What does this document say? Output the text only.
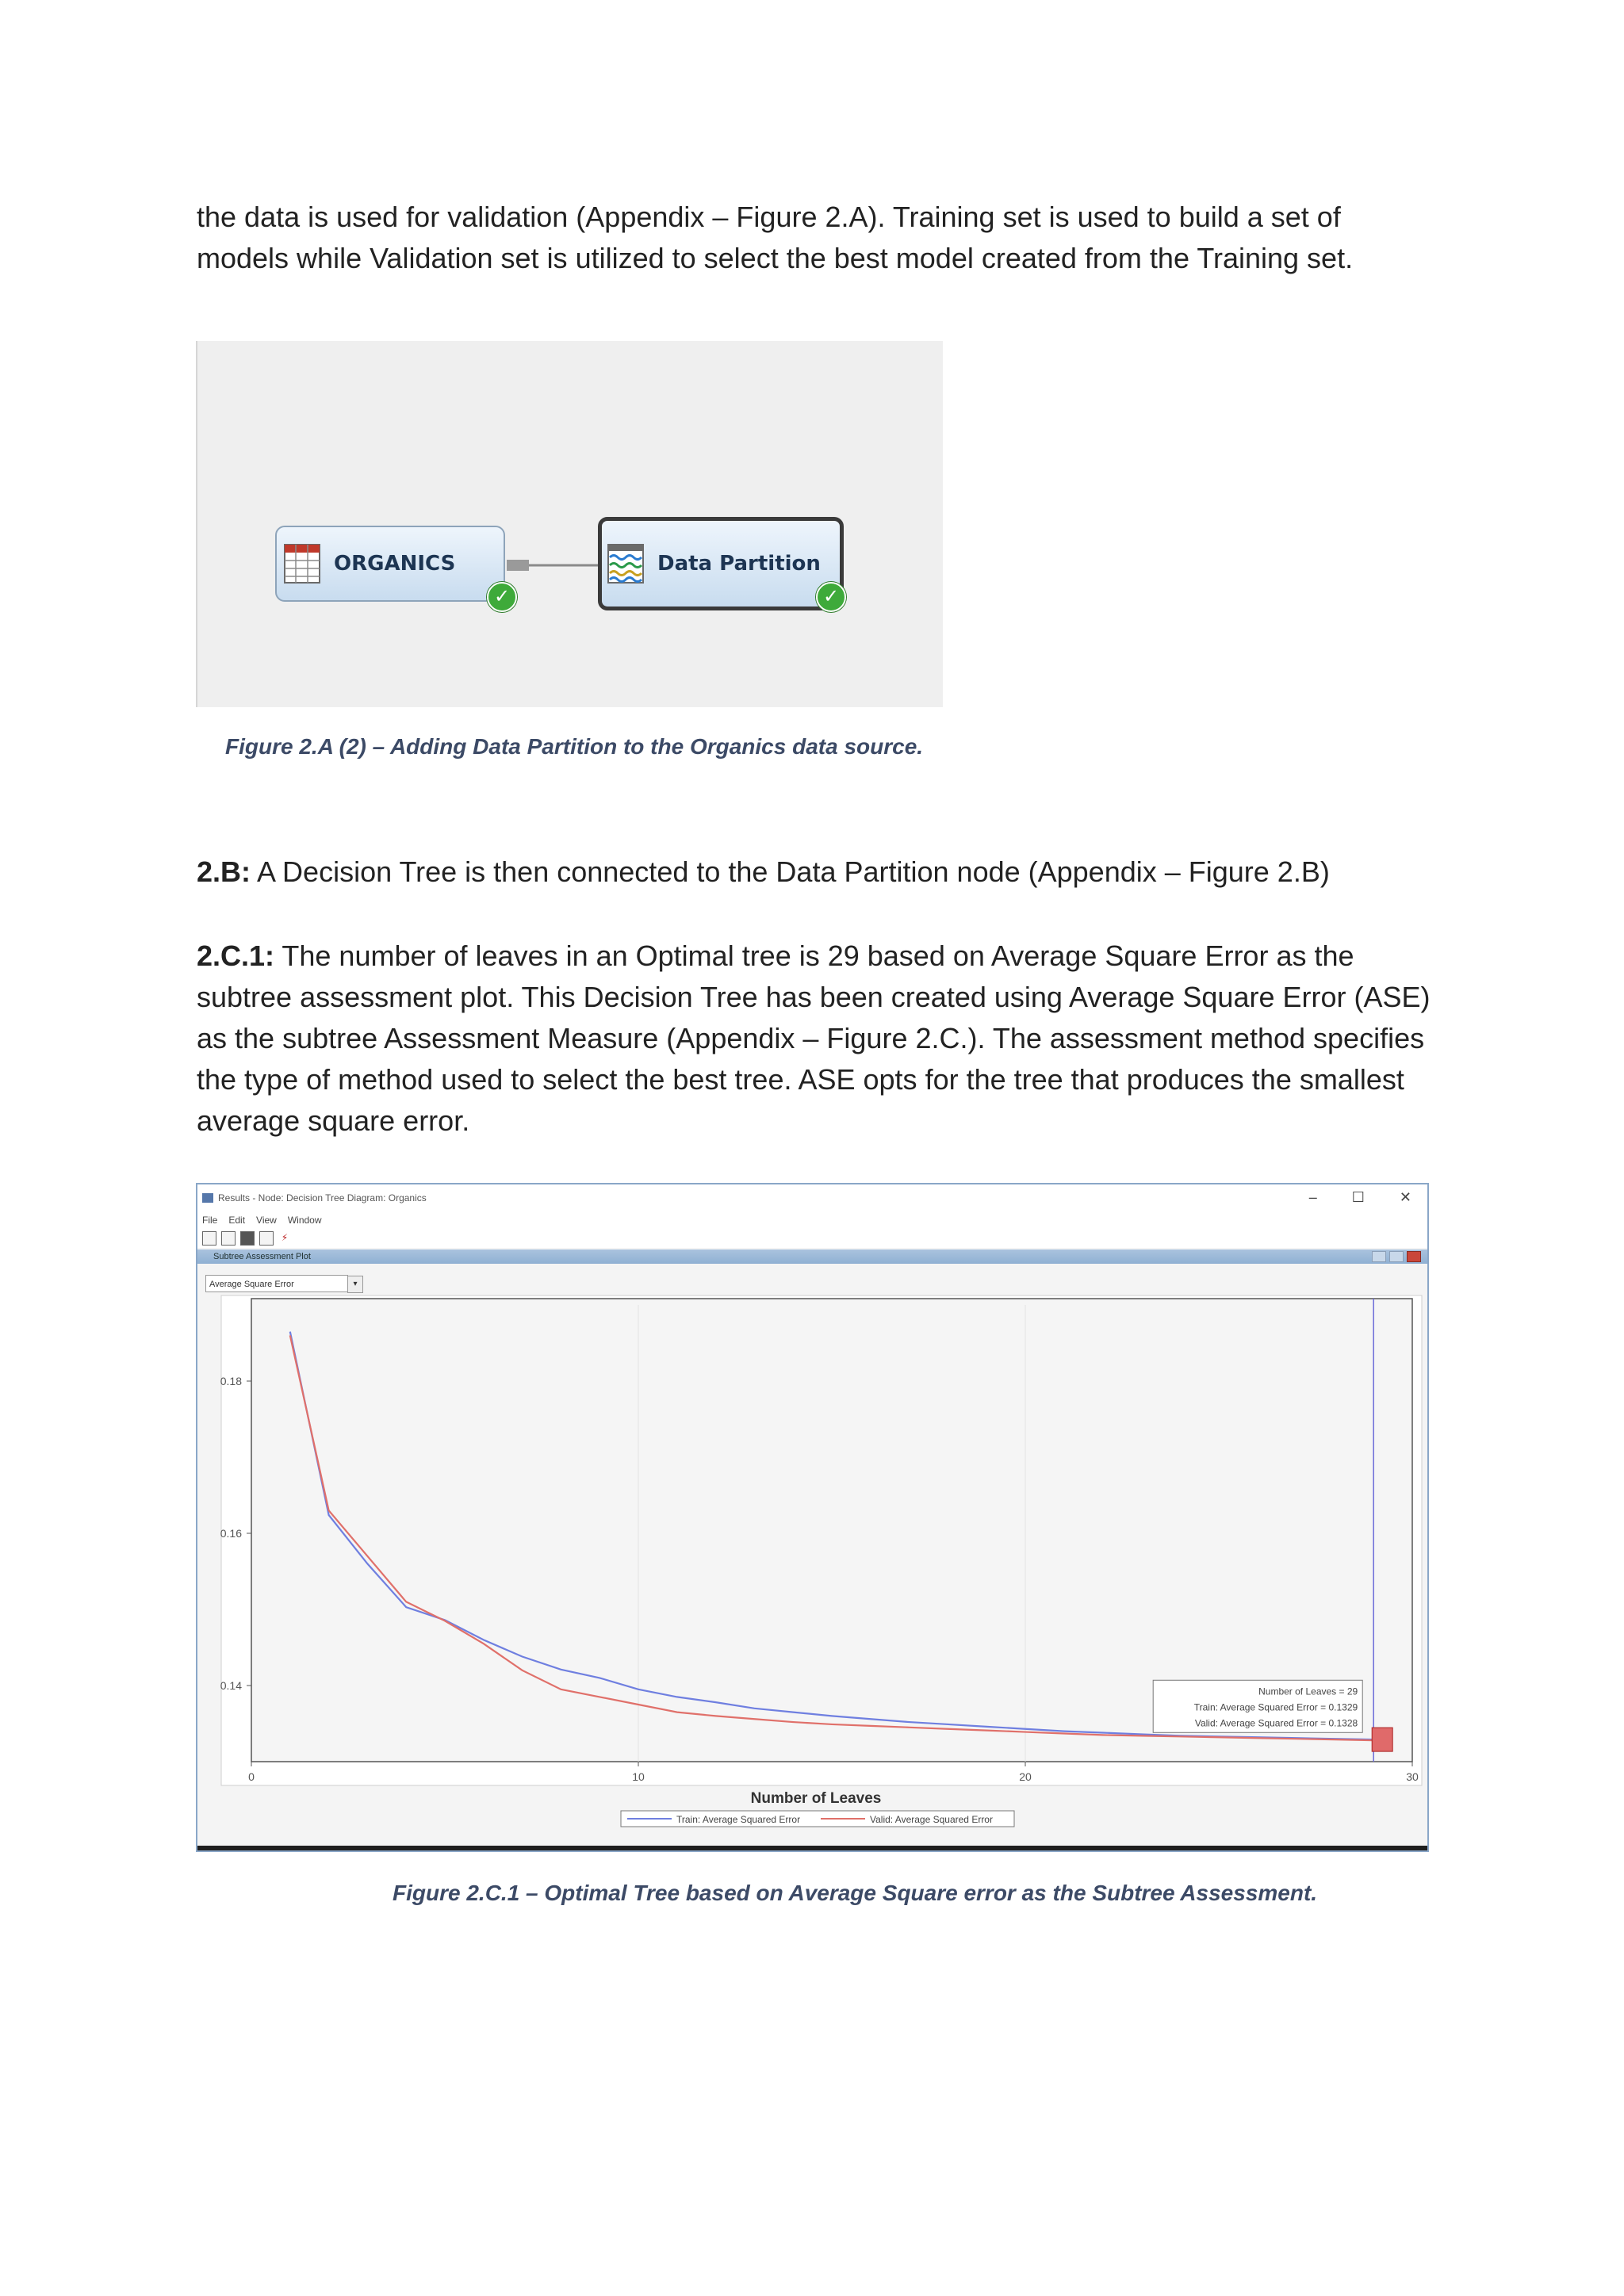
the data is used for validation (Appendix – Figure 2.A). Training set is used to build a set of
models while Validation set is utilized to select the best model created from the Training set.

ORGANICS
✓
Data Partition
✓

Figure 2.A (2) – Adding Data Partition to the Organics data source.

2.B: A Decision Tree is then connected to the Data Partition node (Appendix – Figure 2.B)

2.C.1: The number of leaves in an Optimal tree is 29 based on Average Square Error as the
subtree assessment plot. This Decision Tree has been created using Average Square Error (ASE)
as the subtree Assessment Measure (Appendix – Figure 2.C.). The assessment method specifies
the type of method used to select the best tree. ASE opts for the tree that produces the smallest
average square error.

Results - Node: Decision Tree Diagram: Organics	– ☐ ✕
File Edit View Window
⚡
Subtree Assessment Plot
Average Square Error	▾
0.14
0.16
0.18
0	10	20	30
Number of Leaves = 29
Train: Average Squared Error = 0.1329
Valid: Average Squared Error = 0.1328
Number of Leaves
Train: Average Squared Error	Valid: Average Squared Error

Figure 2.C.1 – Optimal Tree based on Average Square error as the Subtree Assessment.
